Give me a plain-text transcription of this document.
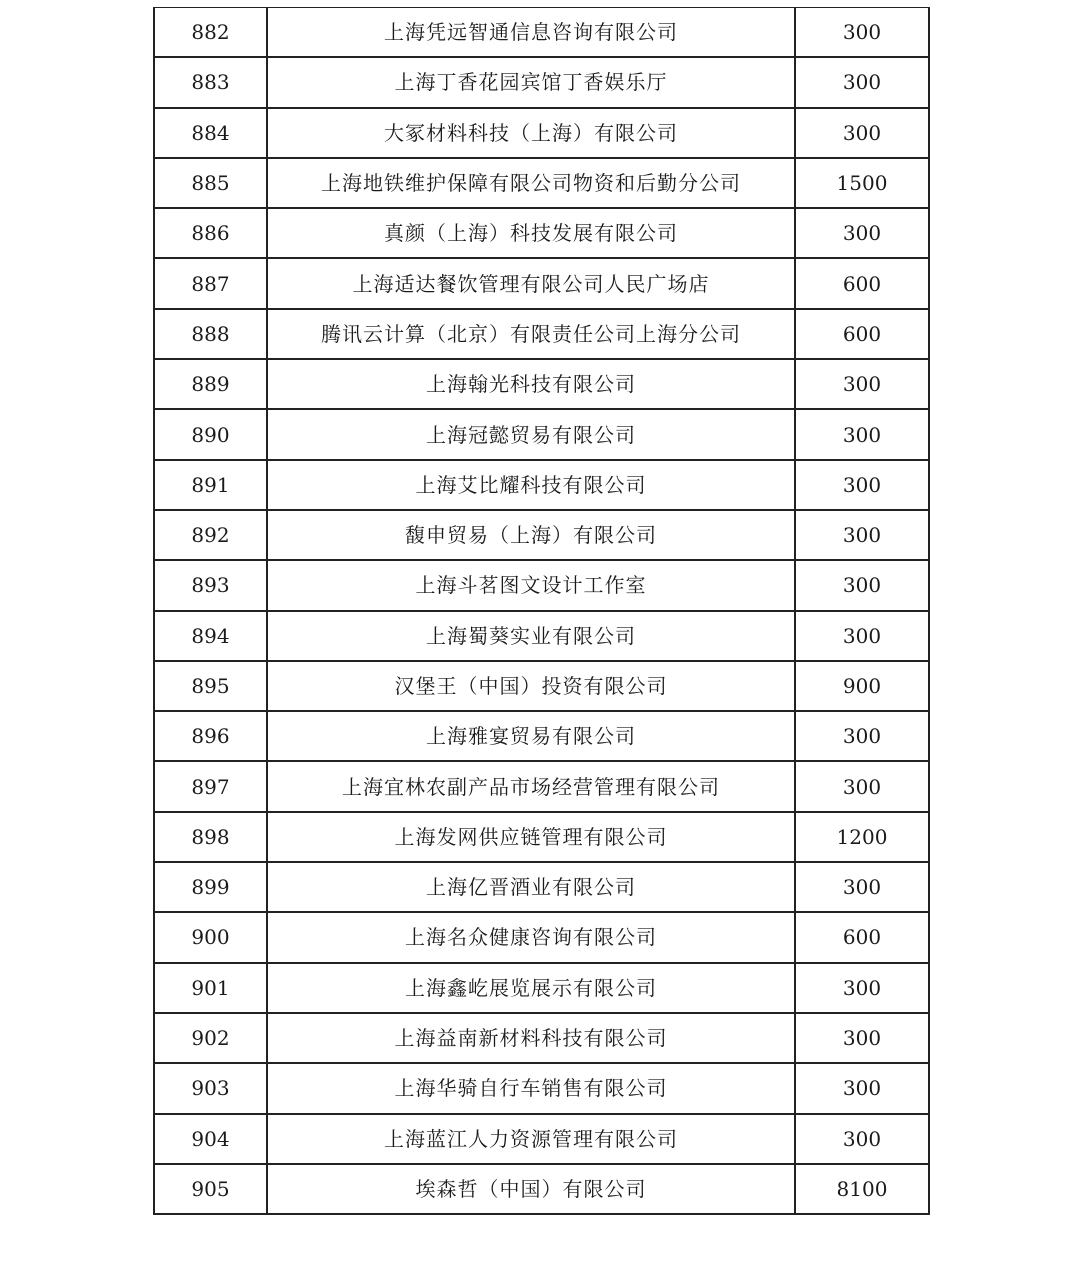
882	上海凭远智通信息咨询有限公司	300
883	上海丁香花园宾馆丁香娱乐厅	300
884	大冢材料科技（上海）有限公司	300
885	上海地铁维护保障有限公司物资和后勤分公司	1500
886	真颜（上海）科技发展有限公司	300
887	上海适达餐饮管理有限公司人民广场店	600
888	腾讯云计算（北京）有限责任公司上海分公司	600
889	上海翰光科技有限公司	300
890	上海冠懿贸易有限公司	300
891	上海艾比耀科技有限公司	300
892	馥申贸易（上海）有限公司	300
893	上海斗茗图文设计工作室	300
894	上海蜀葵实业有限公司	300
895	汉堡王（中国）投资有限公司	900
896	上海雅宴贸易有限公司	300
897	上海宜林农副产品市场经营管理有限公司	300
898	上海发网供应链管理有限公司	1200
899	上海亿晋酒业有限公司	300
900	上海名众健康咨询有限公司	600
901	上海鑫屹展览展示有限公司	300
902	上海益南新材料科技有限公司	300
903	上海华骑自行车销售有限公司	300
904	上海蓝江人力资源管理有限公司	300
905	埃森哲（中国）有限公司	8100
